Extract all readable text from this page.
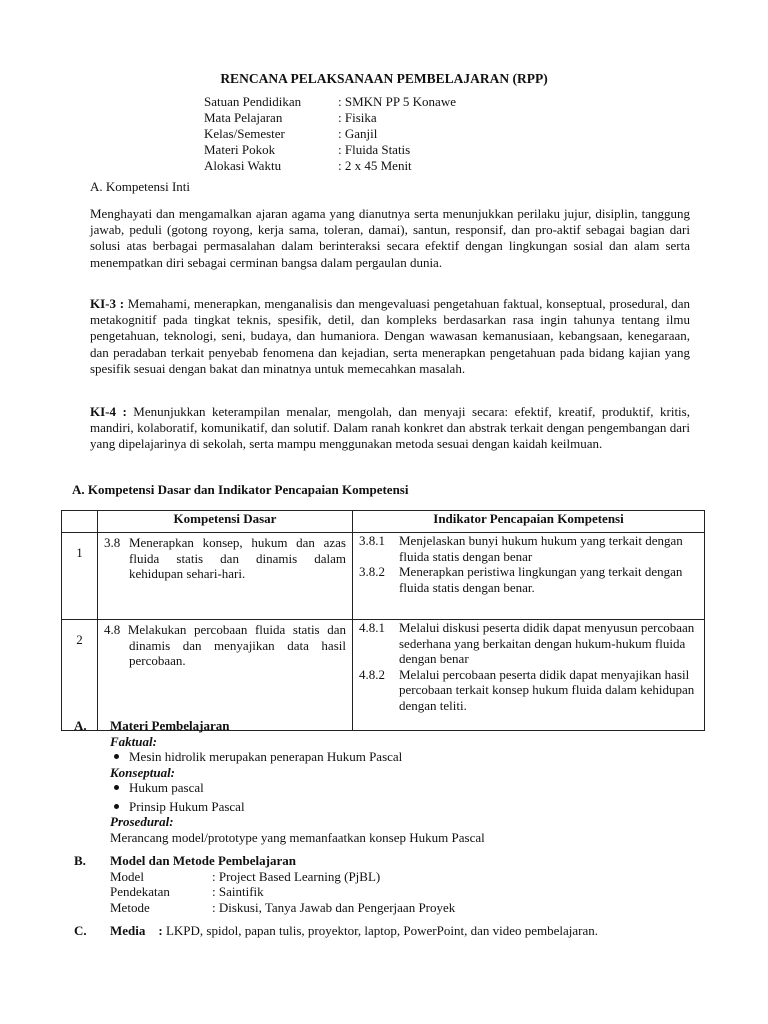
RENCANA PELAKSANAAN PEMBELAJARAN (RPP)
Satuan Pendidikan	: SMKN PP 5 Konawe
Mata Pelajaran	: Fisika
Kelas/Semester	: Ganjil
Materi Pokok	: Fluida Statis
Alokasi Waktu	: 2 x 45 Menit
A. Kompetensi Inti
Menghayati dan mengamalkan ajaran agama yang dianutnya serta menunjukkan perilaku jujur, disiplin, tanggung jawab, peduli (gotong royong, kerja sama, toleran, damai), santun, responsif, dan pro-aktif sebagai bagian dari solusi atas berbagai permasalahan dalam berinteraksi secara efektif dengan lingkungan sosial dan alam serta menempatkan diri sebagai cerminan bangsa dalam pergaulan dunia.
KI-3 : Memahami, menerapkan, menganalisis dan mengevaluasi pengetahuan faktual, konseptual, prosedural, dan metakognitif pada tingkat teknis, spesifik, detil, dan kompleks berdasarkan rasa ingin tahunya tentang ilmu pengetahuan, teknologi, seni, budaya, dan humaniora. Dengan wawasan kemanusiaan, kebangsaan, kenegaraan, dan peradaban terkait penyebab fenomena dan kejadian, serta menerapkan pengetahuan pada bidang kajian yang spesifik sesuai dengan bakat dan minatnya untuk memecahkan masalah.
KI-4 : Menunjukkan keterampilan menalar, mengolah, dan menyaji secara: efektif, kreatif, produktif, kritis, mandiri, kolaboratif, komunikatif, dan solutif. Dalam ranah konkret dan abstrak terkait dengan pengembangan dari yang dipelajarinya di sekolah, serta mampu menggunakan metoda sesuai dengan kaidah keilmuan.
A. Kompetensi Dasar dan Indikator Pencapaian Kompetensi
	Kompetensi Dasar	Indikator Pencapaian Kompetensi
1	3.8 Menerapkan konsep, hukum dan azas fluida statis dan dinamis dalam kehidupan sehari-hari.	3.8.1 Menjelaskan bunyi hukum hukum yang terkait dengan fluida statis dengan benar
3.8.2 Menerapkan peristiwa lingkungan yang terkait dengan fluida statis dengan benar.

2	4.8 Melakukan percobaan fluida statis dan dinamis dan menyajikan data hasil percobaan.	4.8.1 Melalui diskusi peserta didik dapat menyusun percobaan sederhana yang berkaitan dengan hukum-hukum fluida dengan benar
4.8.2 Melalui percobaan peserta didik dapat menyajikan hasil percobaan terkait konsep hukum fluida dalam kehidupan dengan teliti.
A.	Materi Pembelajaran
Faktual:
Mesin hidrolik merupakan penerapan Hukum Pascal
Konseptual:
Hukum pascal
Prinsip Hukum Pascal
Prosedural:
Merancang model/prototype yang memanfaatkan konsep Hukum Pascal
B.	Model dan Metode Pembelajaran
Model	: Project Based Learning (PjBL)
Pendekatan	: Saintifik
Metode	: Diskusi, Tanya Jawab dan Pengerjaan Proyek
C.	Media    : LKPD, spidol, papan tulis, proyektor, laptop, PowerPoint, dan video pembelajaran.
